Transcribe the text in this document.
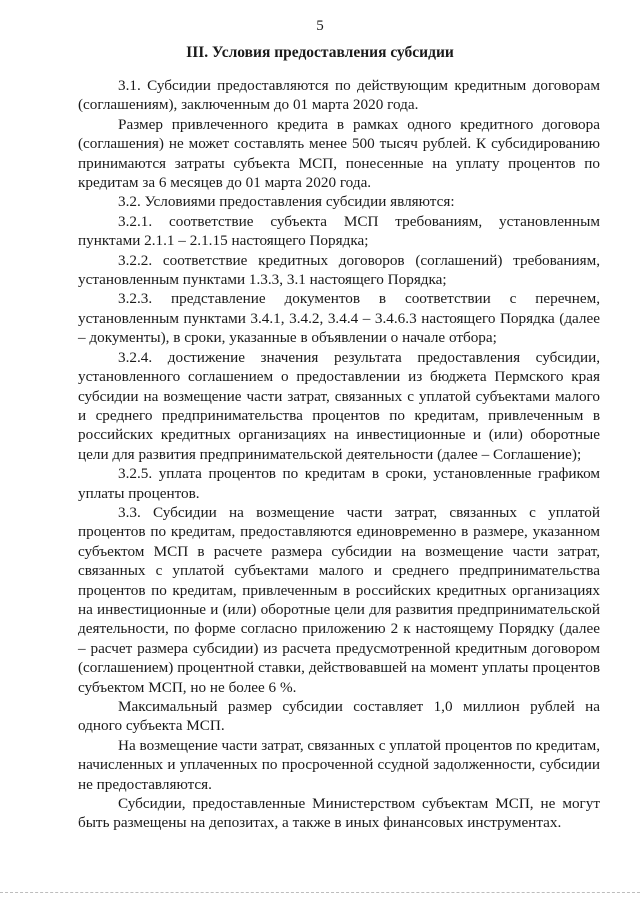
5
III. Условия предоставления субсидии

3.1. Субсидии предоставляются по действующим кредитным договорам (соглашениям), заключенным до 01 марта 2020 года.

Размер привлеченного кредита в рамках одного кредитного договора (соглашения) не может составлять менее 500 тысяч рублей. К субсидированию принимаются затраты субъекта МСП, понесенные на уплату процентов по кредитам за 6 месяцев до 01 марта 2020 года.

3.2. Условиями предоставления субсидии являются:

3.2.1. соответствие субъекта МСП требованиям, установленным пунктами 2.1.1 – 2.1.15 настоящего Порядка;

3.2.2. соответствие кредитных договоров (соглашений) требованиям, установленным пунктами 1.3.3, 3.1 настоящего Порядка;

3.2.3. представление документов в соответствии с перечнем, установленным пунктами 3.4.1, 3.4.2, 3.4.4 – 3.4.6.3 настоящего Порядка (далее – документы), в сроки, указанные в объявлении о начале отбора;

3.2.4. достижение значения результата предоставления субсидии, установленного соглашением о предоставлении из бюджета Пермского края субсидии на возмещение части затрат, связанных с уплатой субъектами малого и среднего предпринимательства процентов по кредитам, привлеченным в российских кредитных организациях на инвестиционные и (или) оборотные цели для развития предпринимательской деятельности (далее – Соглашение);

3.2.5. уплата процентов по кредитам в сроки, установленные графиком уплаты процентов.

3.3. Субсидии на возмещение части затрат, связанных с уплатой процентов по кредитам, предоставляются единовременно в размере, указанном субъектом МСП в расчете размера субсидии на возмещение части затрат, связанных с уплатой субъектами малого и среднего предпринимательства процентов по кредитам, привлеченным в российских кредитных организациях на инвестиционные и (или) оборотные цели для развития предпринимательской деятельности, по форме согласно приложению 2 к настоящему Порядку (далее – расчет размера субсидии) из расчета предусмотренной кредитным договором (соглашением) процентной ставки, действовавшей на момент уплаты процентов субъектом МСП, но не более 6 %.

Максимальный размер субсидии составляет 1,0 миллион рублей на одного субъекта МСП.

На возмещение части затрат, связанных с уплатой процентов по кредитам, начисленных и уплаченных по просроченной ссудной задолженности, субсидии не предоставляются.

Субсидии, предоставленные Министерством субъектам МСП, не могут быть размещены на депозитах, а также в иных финансовых инструментах.
